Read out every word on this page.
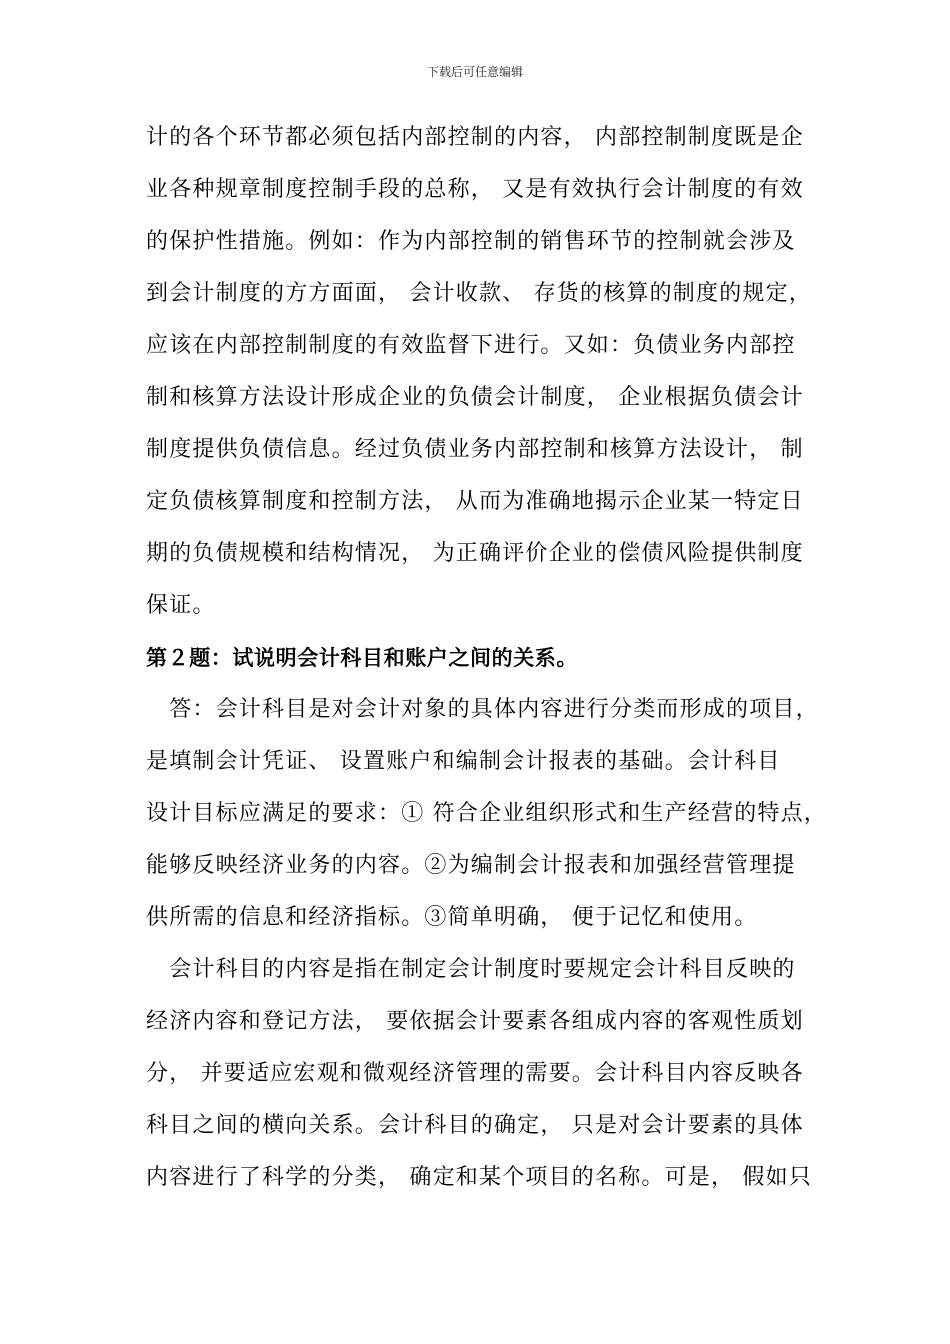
下载后可任意编辑
计的各个环节都必须包括内部控制的内容， 内部控制制度既是企
业各种规章制度控制手段的总称， 又是有效执行会计制度的有效
的保护性措施。例如：作为内部控制的销售环节的控制就会涉及
到会计制度的方方面面， 会计收款、 存货的核算的制度的规定，
应该在内部控制制度的有效监督下进行。又如：负债业务内部控
制和核算方法设计形成企业的负债会计制度， 企业根据负债会计
制度提供负债信息。经过负债业务内部控制和核算方法设计， 制
定负债核算制度和控制方法， 从而为准确地揭示企业某一特定日
期的负债规模和结构情况， 为正确评价企业的偿债风险提供制度
保证。
第２题：试说明会计科目和账户之间的关系。
　答：会计科目是对会计对象的具体内容进行分类而形成的项目，
是填制会计凭证、 设置账户和编制会计报表的基础。会计科目
设计目标应满足的要求：① 符合企业组织形式和生产经营的特点，
能够反映经济业务的内容。②为编制会计报表和加强经营管理提
供所需的信息和经济指标。③简单明确， 便于记忆和使用。
　会计科目的内容是指在制定会计制度时要规定会计科目反映的
经济内容和登记方法， 要依据会计要素各组成内容的客观性质划
分， 并要适应宏观和微观经济管理的需要。会计科目内容反映各
科目之间的横向关系。会计科目的确定， 只是对会计要素的具体
内容进行了科学的分类， 确定和某个项目的名称。可是， 假如只
